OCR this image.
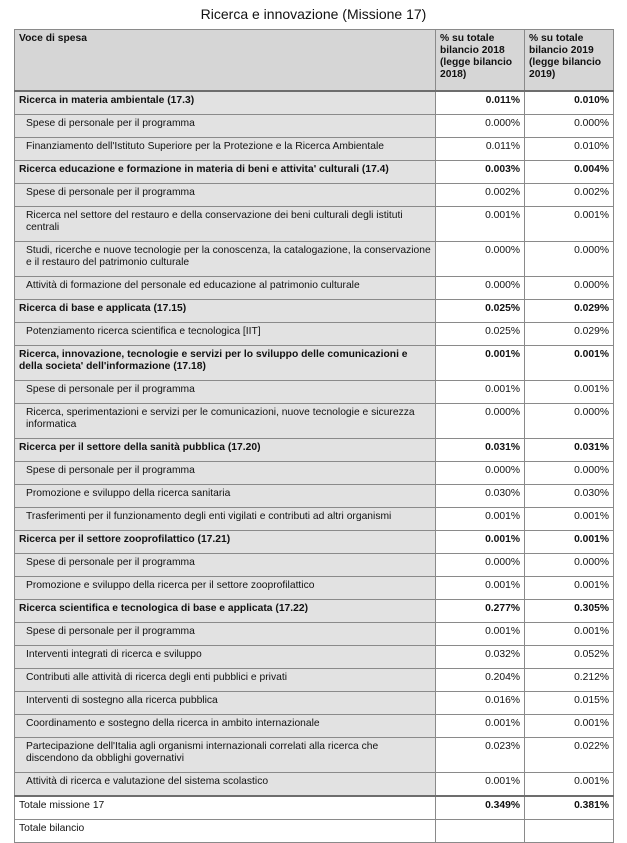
Ricerca e innovazione (Missione 17)
Voce di spesa	% su totale bilancio 2018 (legge bilancio 2018)	% su totale bilancio 2019 (legge bilancio 2019)
Ricerca in materia ambientale (17.3)	0.011%	0.010%
Spese di personale per il programma	0.000%	0.000%
Finanziamento dell'Istituto Superiore per la Protezione e la Ricerca Ambientale	0.011%	0.010%
Ricerca educazione e formazione in materia di beni e attivita' culturali (17.4)	0.003%	0.004%
Spese di personale per il programma	0.002%	0.002%
Ricerca nel settore del restauro e della conservazione dei beni culturali degli istituti centrali	0.001%	0.001%
Studi, ricerche e nuove tecnologie per la conoscenza, la catalogazione, la conservazione e il restauro del patrimonio culturale	0.000%	0.000%
Attività di formazione del personale ed educazione al patrimonio culturale	0.000%	0.000%
Ricerca di base e applicata (17.15)	0.025%	0.029%
Potenziamento ricerca scientifica e tecnologica [IIT]	0.025%	0.029%
Ricerca, innovazione, tecnologie e servizi per lo sviluppo delle comunicazioni e della societa' dell'informazione (17.18)	0.001%	0.001%
Spese di personale per il programma	0.001%	0.001%
Ricerca, sperimentazioni e servizi per le comunicazioni, nuove tecnologie e sicurezza informatica	0.000%	0.000%
Ricerca per il settore della sanità pubblica (17.20)	0.031%	0.031%
Spese di personale per il programma	0.000%	0.000%
Promozione e sviluppo della ricerca sanitaria	0.030%	0.030%
Trasferimenti per il funzionamento degli enti vigilati e contributi ad altri organismi	0.001%	0.001%
Ricerca per il settore zooprofilattico (17.21)	0.001%	0.001%
Spese di personale per il programma	0.000%	0.000%
Promozione e sviluppo della ricerca per il settore zooprofilattico	0.001%	0.001%
Ricerca scientifica e tecnologica di base e applicata (17.22)	0.277%	0.305%
Spese di personale per il programma	0.001%	0.001%
Interventi integrati di ricerca e sviluppo	0.032%	0.052%
Contributi alle attività di ricerca degli enti pubblici e privati	0.204%	0.212%
Interventi di sostegno alla ricerca pubblica	0.016%	0.015%
Coordinamento e sostegno della ricerca in ambito internazionale	0.001%	0.001%
Partecipazione dell'Italia agli organismi internazionali correlati alla ricerca che discendono da obblighi governativi	0.023%	0.022%
Attività di ricerca e valutazione del sistema scolastico	0.001%	0.001%
Totale missione 17	0.349%	0.381%
Totale bilancio		
